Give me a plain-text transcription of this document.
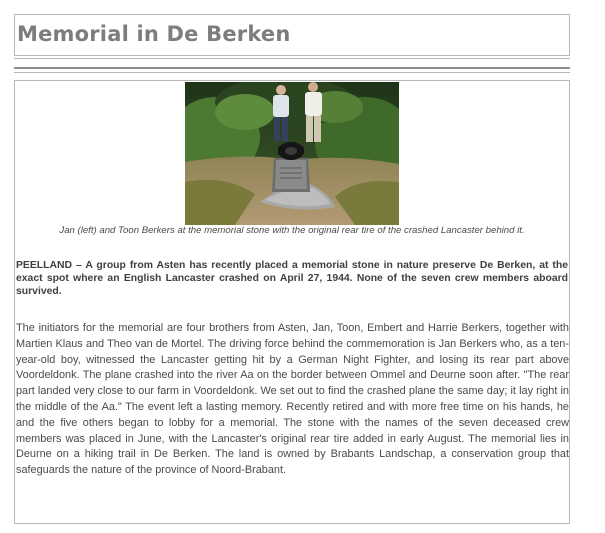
Memorial in De Berken

Jan (left) and Toon Berkers at the memorial stone with the original rear tire of the crashed Lancaster behind it.

PEELLAND – A group from Asten has recently placed a memorial stone in nature preserve De Berken, at the exact spot where an English Lancaster crashed on April 27, 1944. None of the seven crew members aboard survived.

The initiators for the memorial are four brothers from Asten, Jan, Toon, Embert and Harrie Berkers, together with Martien Klaus and Theo van de Mortel. The driving force behind the commemoration is Jan Berkers who, as a ten-year-old boy, witnessed the Lancaster getting hit by a German Night Fighter, and losing its rear part above Voordeldonk. The plane crashed into the river Aa on the border between Ommel and Deurne soon after. "The rear part landed very close to our farm in Voordeldonk. We set out to find the crashed plane the same day; it lay right in the middle of the Aa." The event left a lasting memory. Recently retired and with more free time on his hands, he and the five others began to lobby for a memorial. The stone with the names of the seven deceased crew members was placed in June, with the Lancaster's original rear tire added in early August. The memorial lies in Deurne on a hiking trail in De Berken. The land is owned by Brabants Landschap, a conservation group that safeguards the nature of the province of Noord-Brabant.
